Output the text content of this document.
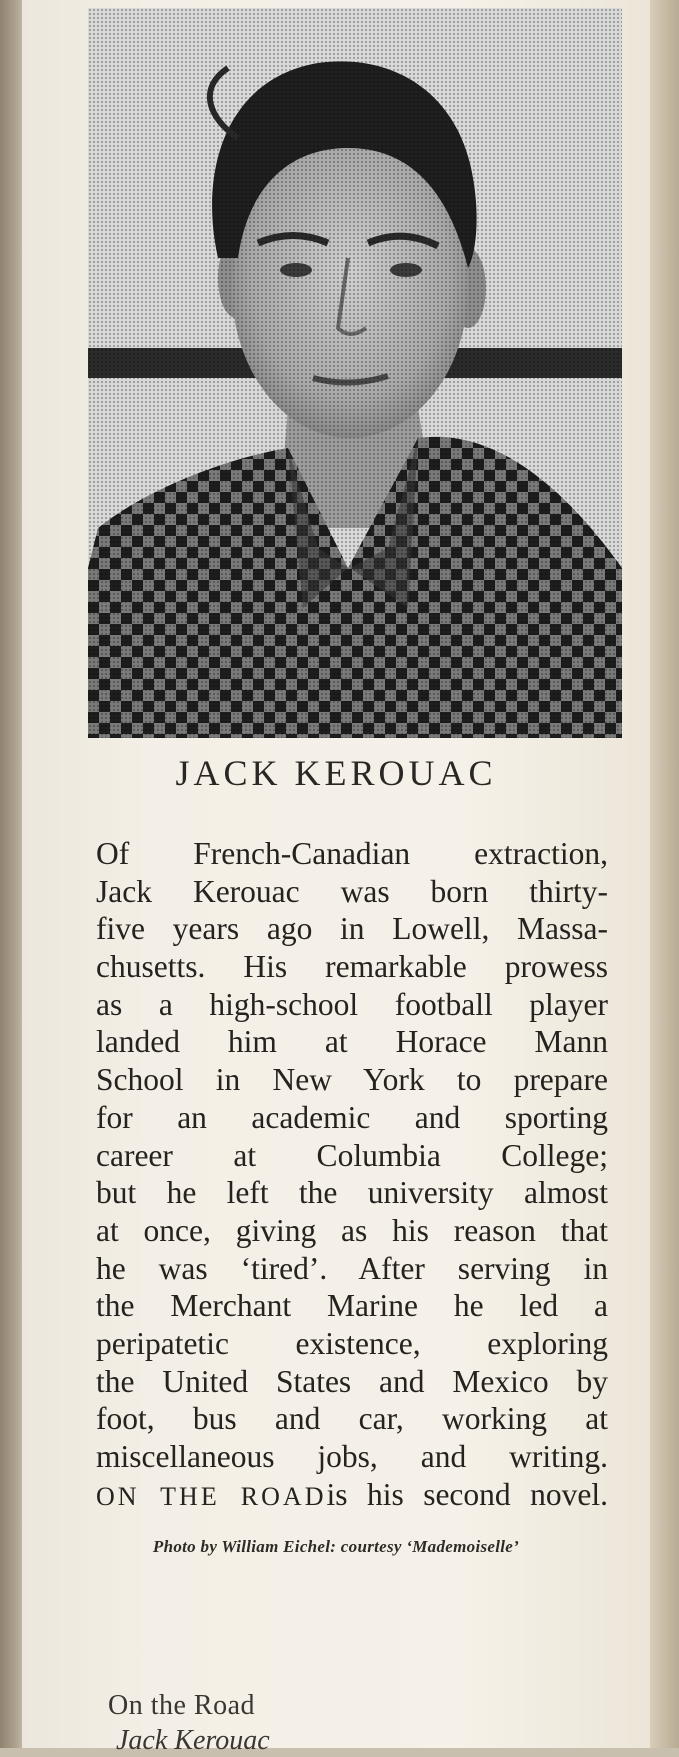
JACK KEROUAC
Of French-Canadian extraction,
Jack Kerouac was born thirty-
five years ago in Lowell, Massa-
chusetts. His remarkable prowess
as a high-school football player
landed him at Horace Mann
School in New York to prepare
for an academic and sporting
career at Columbia College;
but he left the university almost
at once, giving as his reason that
he was ‘tired’. After serving in
the Merchant Marine he led a
peripatetic existence, exploring
the United States and Mexico by
foot, bus and car, working at
miscellaneous jobs, and writing.
ON THE ROADis his second novel.
Photo by William Eichel: courtesy ‘Mademoiselle’
On the Road
Jack Kerouac
